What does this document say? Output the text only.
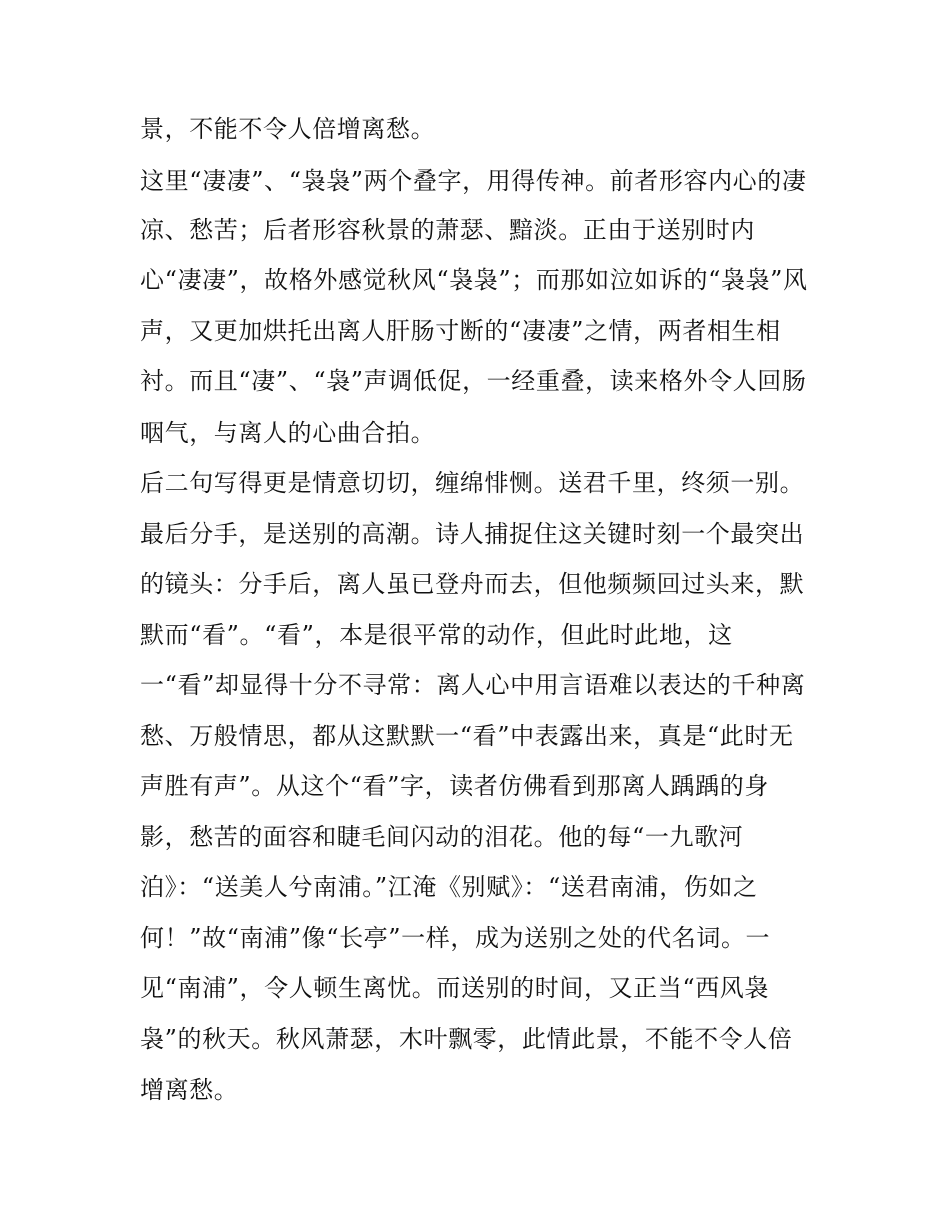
景，不能不令人倍增离愁。
这里“凄凄”、“袅袅”两个叠字，用得传神。前者形容内心的凄
凉、愁苦；后者形容秋景的萧瑟、黯淡。正由于送别时内
心“凄凄”，故格外感觉秋风“袅袅”；而那如泣如诉的“袅袅”风
声，又更加烘托出离人肝肠寸断的“凄凄”之情，两者相生相
衬。而且“凄”、“袅”声调低促，一经重叠，读来格外令人回肠
咽气，与离人的心曲合拍。
后二句写得更是情意切切，缠绵悱恻。送君千里，终须一别。
最后分手，是送别的高潮。诗人捕捉住这关键时刻一个最突出
的镜头：分手后，离人虽已登舟而去，但他频频回过头来，默
默而“看”。“看”，本是很平常的动作，但此时此地，这
一“看”却显得十分不寻常：离人心中用言语难以表达的千种离
愁、万般情思，都从这默默一“看”中表露出来，真是“此时无
声胜有声”。从这个“看”字，读者仿佛看到那离人踽踽的身
影，愁苦的面容和睫毛间闪动的泪花。他的每“一九歌河
泊》：“送美人兮南浦。”江淹《别赋》：“送君南浦，伤如之
何！”故“南浦”像“长亭”一样，成为送别之处的代名词。一
见“南浦”，令人顿生离忧。而送别的时间，又正当“西风袅
袅”的秋天。秋风萧瑟，木叶飘零，此情此景，不能不令人倍
增离愁。
